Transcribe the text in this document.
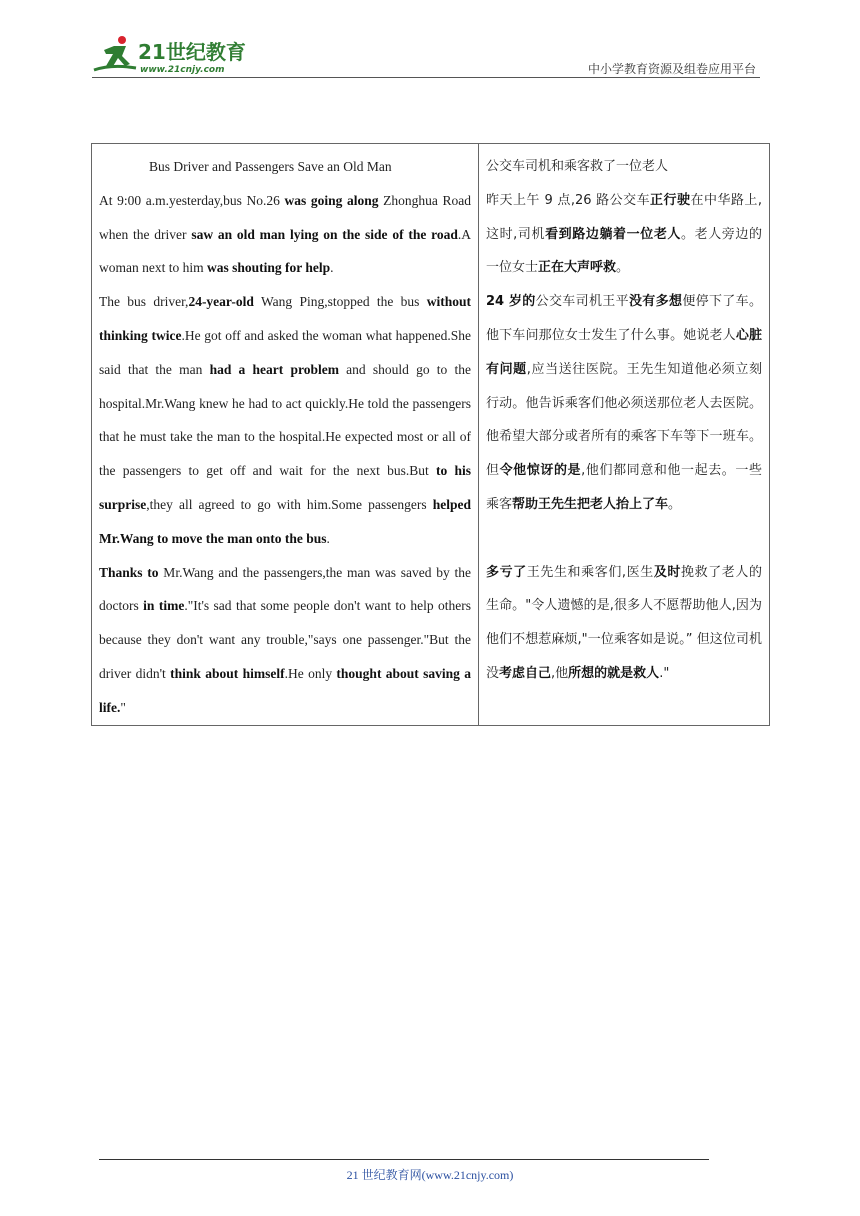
21世纪教育
www.21cnjy.com	中小学教育资源及组卷应用平台

Bus Driver and Passengers Save an Old Man

At 9:00 a.m.yesterday,bus No.26 was going along Zhonghua Road when the driver saw an old man lying on the side of the road.A woman next to him was shouting for help.

The bus driver,24-year-old Wang Ping,stopped the bus without thinking twice.He got off and asked the woman what happened.She said that the man had a heart problem and should go to the hospital.Mr.Wang knew he had to act quickly.He told the passengers that he must take the man to the hospital.He expected most or all of the passengers to get off and wait for the next bus.But to his surprise,they all agreed to go with him.Some passengers helped Mr.Wang to move the man onto the bus.

Thanks to Mr.Wang and the passengers,the man was saved by the doctors in time."It's sad that some people don't want to help others because they don't want any trouble,"says one passenger."But the driver didn't think about himself.He only thought about saving a life."

公交车司机和乘客救了一位老人

昨天上午 9 点,26 路公交车正行驶在中华路上,这时,司机看到路边躺着一位老人。老人旁边的一位女士正在大声呼救。

24 岁的公交车司机王平没有多想便停下了车。他下车问那位女士发生了什么事。她说老人心脏有问题,应当送往医院。王先生知道他必须立刻行动。他告诉乘客们他必须送那位老人去医院。他希望大部分或者所有的乘客下车等下一班车。但令他惊讶的是,他们都同意和他一起去。一些乘客帮助王先生把老人抬上了车。

多亏了王先生和乘客们,医生及时挽救了老人的生命。"令人遗憾的是,很多人不愿帮助他人,因为他们不想惹麻烦,"一位乘客如是说。” 但这位司机没考虑自己,他所想的就是救人."

21 世纪教育网(www.21cnjy.com)
